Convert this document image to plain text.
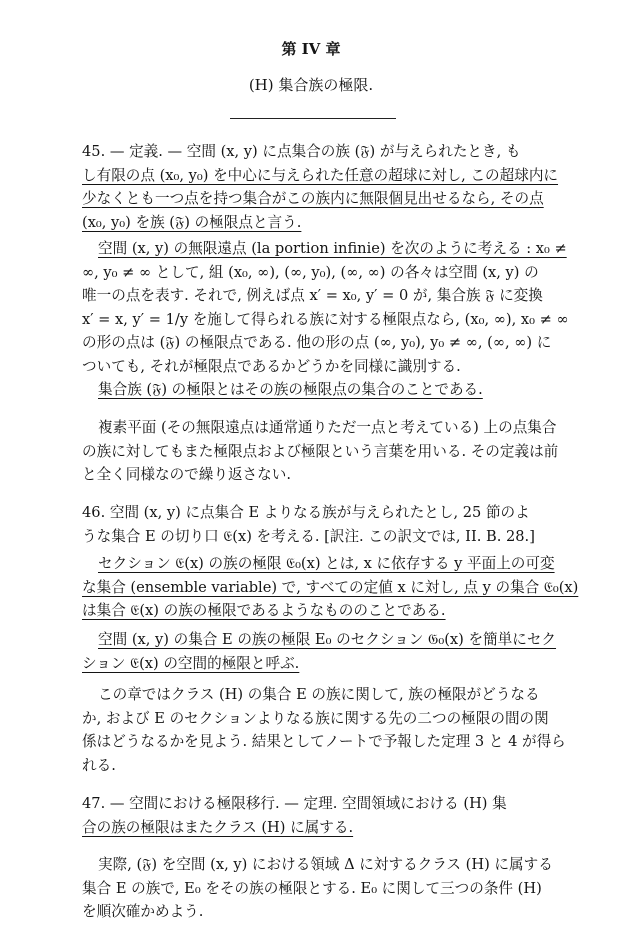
第 IV 章
(H) 集合族の極限.
45. — 定義. — 空間 (x, y) に点集合の族 (𝔉) が与えられたとき, も
し有限の点 (x₀, y₀) を中心に与えられた任意の超球に対し, この超球内に
少なくとも一つ点を持つ集合がこの族内に無限個見出せるなら, その点
(x₀, y₀) を族 (𝔉) の極限点と言う.
空間 (x, y) の無限遠点 (la portion infinie) を次のように考える : x₀ ≠
∞, y₀ ≠ ∞ として, 組 (x₀, ∞), (∞, y₀), (∞, ∞) の各々は空間 (x, y) の
唯一の点を表す. それで, 例えば点 x′ = x₀, y′ = 0 が, 集合族 𝔉 に変換
x′ = x, y′ = 1/y を施して得られる族に対する極限点なら, (x₀, ∞), x₀ ≠ ∞
の形の点は (𝔉) の極限点である. 他の形の点 (∞, y₀), y₀ ≠ ∞, (∞, ∞) に
ついても, それが極限点であるかどうかを同様に識別する.
集合族 (𝔉) の極限とはその族の極限点の集合のことである.
複素平面 (その無限遠点は通常通りただ一点と考えている) 上の点集合
の族に対してもまた極限点および極限という言葉を用いる. その定義は前
と全く同様なので繰り返さない.
46. 空間 (x, y) に点集合 E よりなる族が与えられたとし, 25 節のよ
うな集合 E の切り口 𝔈(x) を考える. [訳注. この訳文では, II. B. 28.]
セクション 𝔈(x) の族の極限 𝔈₀(x) とは, x に依存する y 平面上の可変
な集合 (ensemble variable) で, すべての定値 x に対し, 点 y の集合 𝔈₀(x)
は集合 𝔈(x) の族の極限であるようなもののことである.
空間 (x, y) の集合 E の族の極限 E₀ のセクション 𝔊₀(x) を簡単にセク
ション 𝔈(x) の空間的極限と呼ぶ.
この章ではクラス (H) の集合 E の族に関して, 族の極限がどうなる
か, および E のセクションよりなる族に関する先の二つの極限の間の関
係はどうなるかを見よう. 結果としてノートで予報した定理 3 と 4 が得ら
れる.
47. — 空間における極限移行. — 定理. 空間領域における (H) 集
合の族の極限はまたクラス (H) に属する.
実際, (𝔉) を空間 (x, y) における領域 Δ に対するクラス (H) に属する
集合 E の族で, E₀ をその族の極限とする. E₀ に関して三つの条件 (H)
を順次確かめよう.
